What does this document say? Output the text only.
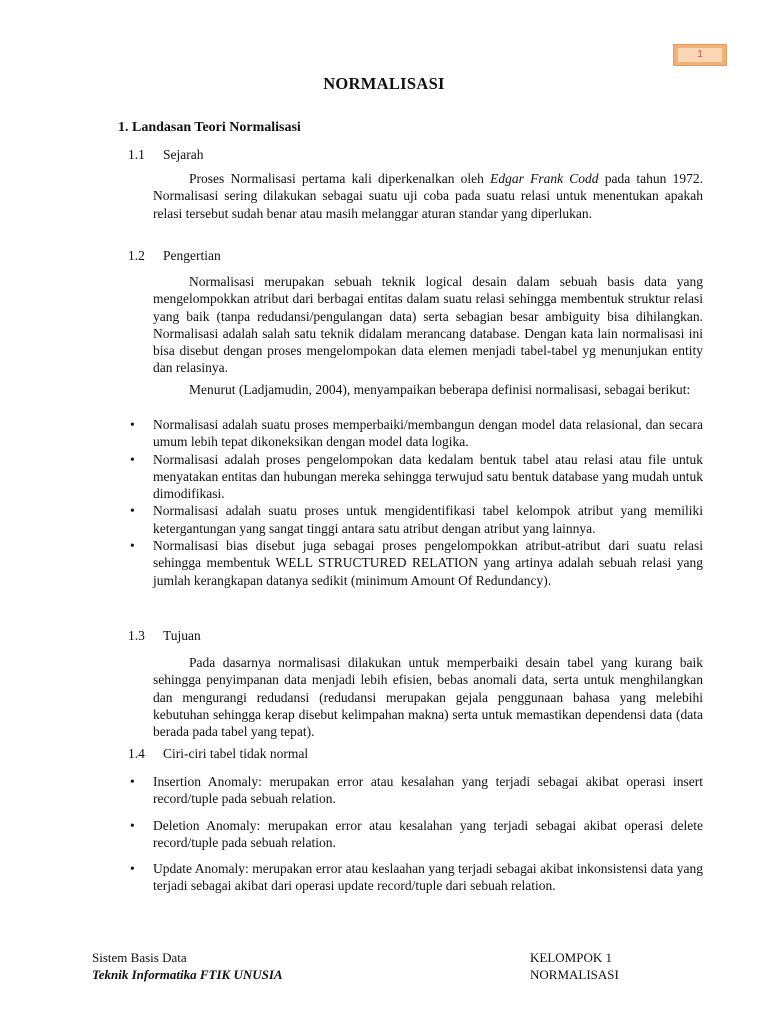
1
NORMALISASI
1. Landasan Teori Normalisasi
1.1 Sejarah

Proses Normalisasi pertama kali diperkenalkan oleh Edgar Frank Codd pada tahun 1972. Normalisasi sering dilakukan sebagai suatu uji coba pada suatu relasi untuk menentukan apakah relasi tersebut sudah benar atau masih melanggar aturan standar yang diperlukan.

1.2 Pengertian

Normalisasi merupakan sebuah teknik logical desain dalam sebuah basis data yang mengelompokkan atribut dari berbagai entitas dalam suatu relasi sehingga membentuk struktur relasi yang baik (tanpa redudansi/pengulangan data) serta sebagian besar ambiguity bisa dihilangkan. Normalisasi adalah salah satu teknik didalam merancang database. Dengan kata lain normalisasi ini bisa disebut dengan proses mengelompokan data elemen menjadi tabel-tabel yg menunjukan entity dan relasinya.

Menurut (Ladjamudin, 2004), menyampaikan beberapa definisi normalisasi, sebagai berikut:

• Normalisasi adalah suatu proses memperbaiki/membangun dengan model data relasional, dan secara umum lebih tepat dikoneksikan dengan model data logika.
• Normalisasi adalah proses pengelompokan data kedalam bentuk tabel atau relasi atau file untuk menyatakan entitas dan hubungan mereka sehingga terwujud satu bentuk database yang mudah untuk dimodifikasi.
• Normalisasi adalah suatu proses untuk mengidentifikasi tabel kelompok atribut yang memiliki ketergantungan yang sangat tinggi antara satu atribut dengan atribut yang lainnya.
• Normalisasi bias disebut juga sebagai proses pengelompokkan atribut-atribut dari suatu relasi sehingga membentuk WELL STRUCTURED RELATION yang artinya adalah sebuah relasi yang jumlah kerangkapan datanya sedikit (minimum Amount Of Redundancy).
1.3 Tujuan

Pada dasarnya normalisasi dilakukan untuk memperbaiki desain tabel yang kurang baik sehingga penyimpanan data menjadi lebih efisien, bebas anomali data, serta untuk menghilangkan dan mengurangi redudansi (redudansi merupakan gejala penggunaan bahasa yang melebihi kebutuhan sehingga kerap disebut kelimpahan makna) serta untuk memastikan dependensi data (data berada pada tabel yang tepat).

1.4 Ciri-ciri tabel tidak normal
• Insertion Anomaly: merupakan error atau kesalahan yang terjadi sebagai akibat operasi insert record/tuple pada sebuah relation.
• Deletion Anomaly: merupakan error atau kesalahan yang terjadi sebagai akibat operasi delete record/tuple pada sebuah relation.
• Update Anomaly: merupakan error atau keslaahan yang terjadi sebagai akibat inkonsistensi data yang terjadi sebagai akibat dari operasi update record/tuple dari sebuah relation.
Sistem Basis Data
Teknik Informatika FTIK UNUSIA
KELOMPOK 1
NORMALISASI
